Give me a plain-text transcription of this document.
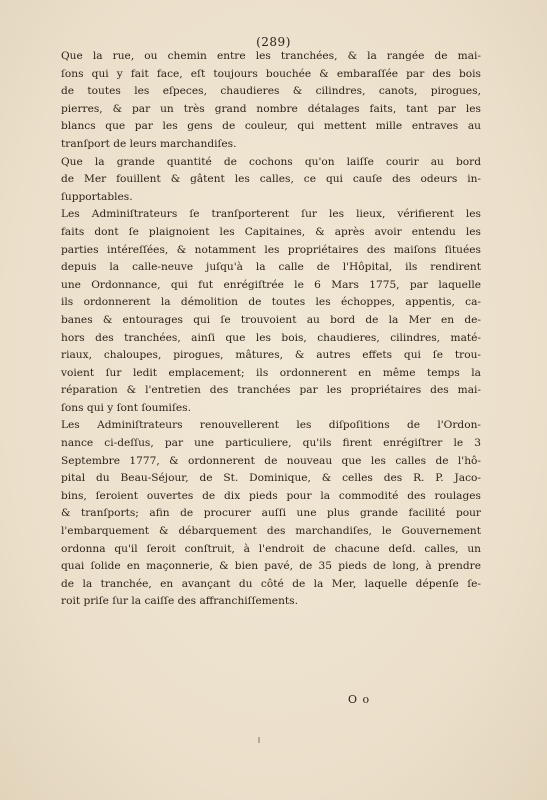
(289)
Que la rue, ou chemin entre les tranchées, & la rangée de mai-
ſons qui y fait face, eſt toujours bouchée & embaraſſée par des bois
de toutes les eſpeces, chaudieres & cilindres, canots, pirogues,
pierres, & par un très grand nombre détalages faits, tant par les
blancs que par les gens de couleur, qui mettent mille entraves au
tranſport de leurs marchandiſes.
Que la grande quantité de cochons qu'on laiſſe courir au bord
de Mer fouillent & gâtent les calles, ce qui cauſe des odeurs in-
ſupportables.
Les Adminiſtrateurs ſe tranſporterent ſur les lieux, vérifierent les
faits dont ſe plaignoient les Capitaines, & après avoir entendu les
parties intéreſſées, & notamment les propriétaires des maiſons ſituées
depuis la calle-neuve juſqu'à la calle de l'Hôpital, ils rendirent
une Ordonnance, qui fut enrégiſtrée le 6 Mars 1775, par laquelle
ils ordonnerent la démolition de toutes les échoppes, appentis, ca-
banes & entourages qui ſe trouvoient au bord de la Mer en de-
hors des tranchées, ainſi que les bois, chaudieres, cilindres, maté-
riaux, chaloupes, pirogues, mâtures, & autres effets qui ſe trou-
voient ſur ledit emplacement; ils ordonnerent en même temps la
réparation & l'entretien des tranchées par les propriétaires des mai-
ſons qui y ſont ſoumiſes.
Les Adminiſtrateurs renouvellerent les diſpoſitions de l'Ordon-
nance ci-deſſus, par une particuliere, qu'ils firent enrégiſtrer le 3
Septembre 1777, & ordonnerent de nouveau que les calles de l'hô-
pital du Beau-Séjour, de St. Dominique, & celles des R. P. Jaco-
bins, ſeroient ouvertes de dix pieds pour la commodité des roulages
& tranſports; afin de procurer auſſi une plus grande facilité pour
l'embarquement & débarquement des marchandiſes, le Gouvernement
ordonna qu'il ſeroit conſtruit, à l'endroit de chacune deſd. calles, un
quai ſolide en maçonnerie, & bien pavé, de 35 pieds de long, à prendre
de la tranchée, en avançant du côté de la Mer, laquelle dépenſe ſe-
roit priſe ſur la caiſſe des affranchiſſements.
O o
